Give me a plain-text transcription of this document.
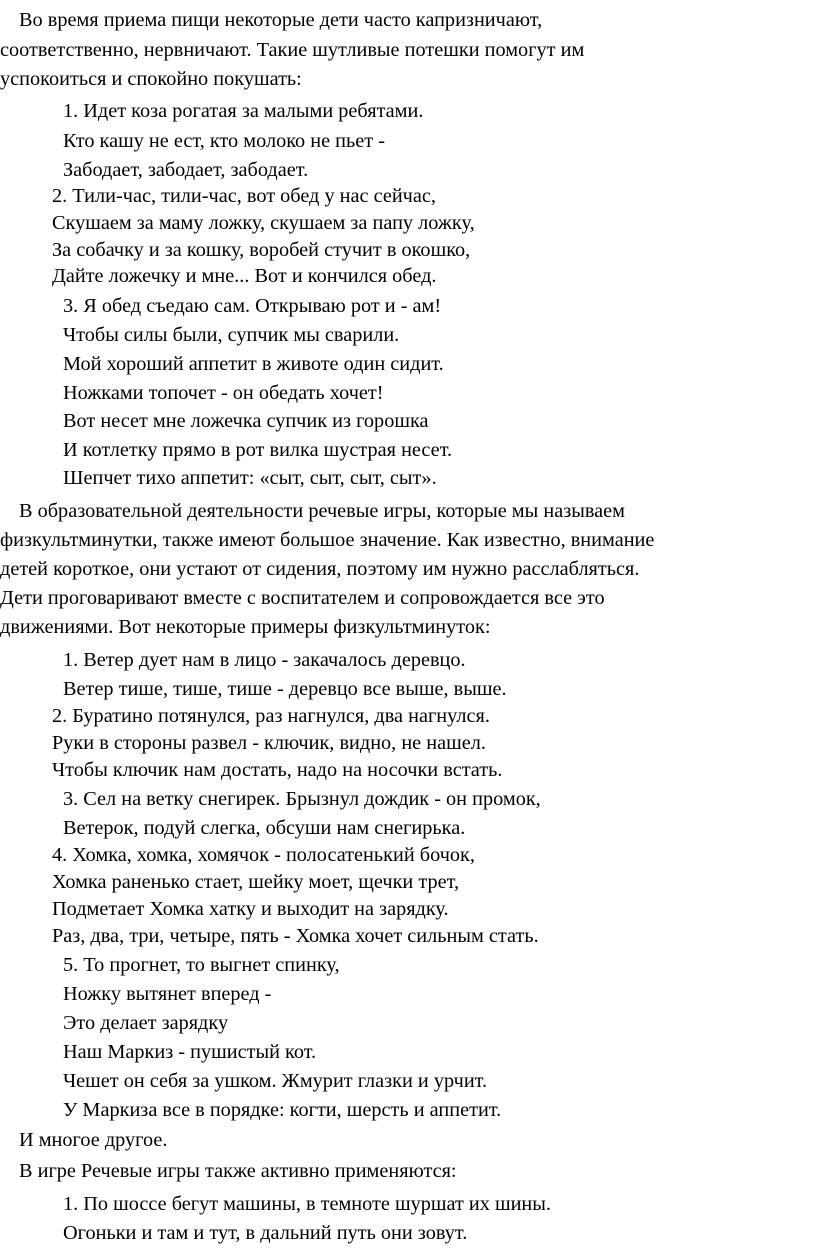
Во время приема пищи некоторые дети часто капризничают,
соответственно, нервничают. Такие шутливые потешки помогут им
успокоиться и спокойно покушать:
1. Идет коза рогатая за малыми ребятами.
Кто кашу не ест, кто молоко не пьет -
Забодает, забодает, забодает.
2. Тили-час, тили-час, вот обед у нас сейчас,
Скушаем за маму ложку, скушаем за папу ложку,
За собачку и за кошку, воробей стучит в окошко,
Дайте ложечку и мне... Вот и кончился обед.
3. Я обед съедаю сам. Открываю рот и - ам!
Чтобы силы были, супчик мы сварили.
Мой хороший аппетит в животе один сидит.
Ножками топочет - он обедать хочет!
Вот несет мне ложечка супчик из горошка
И котлетку прямо в рот вилка шустрая несет.
Шепчет тихо аппетит: «сыт, сыт, сыт, сыт».
В образовательной деятельности речевые игры, которые мы называем
физкультминутки, также имеют большое значение. Как известно, внимание
детей короткое, они устают от сидения, поэтому им нужно расслабляться.
Дети проговаривают вместе с воспитателем и сопровождается все это
движениями. Вот некоторые примеры физкультминуток:
1. Ветер дует нам в лицо - закачалось деревцо.
Ветер тише, тише, тише - деревцо все выше, выше.
2. Буратино потянулся, раз нагнулся, два нагнулся.
Руки в стороны развел - ключик, видно, не нашел.
Чтобы ключик нам достать, надо на носочки встать.
3. Сел на ветку снегирек. Брызнул дождик - он промок,
Ветерок, подуй слегка, обсуши нам снегирька.
4. Хомка, хомка, хомячок - полосатенький бочок,
Хомка раненько стает, шейку моет, щечки трет,
Подметает Хомка хатку и выходит на зарядку.
Раз, два, три, четыре, пять - Хомка хочет сильным стать.
5. То прогнет, то выгнет спинку,
Ножку вытянет вперед -
Это делает зарядку
Наш Маркиз - пушистый кот.
Чешет он себя за ушком. Жмурит глазки и урчит.
У Маркиза все в порядке: когти, шерсть и аппетит.
И многое другое.
В игре Речевые игры также активно применяются:
1. По шоссе бегут машины, в темноте шуршат их шины.
Огоньки и там и тут, в дальний путь они зовут.
